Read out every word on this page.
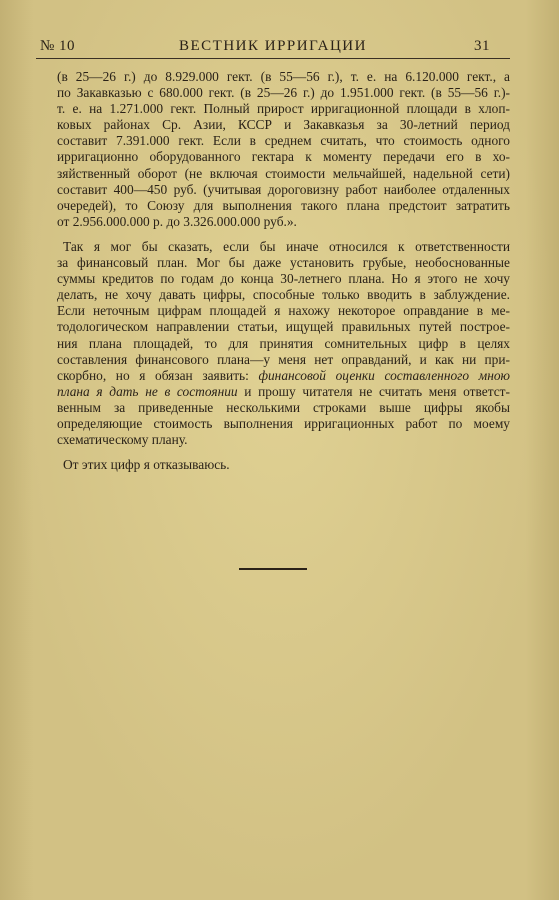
№ 10	ВЕСТНИК ИРРИГАЦИИ	31
(в 25—26 г.) до 8.929.000 гект. (в 55—56 г.), т. е. на 6.120.000 гект., а
по Закавказью с 680.000 гект. (в 25—26 г.) до 1.951.000 гект. (в 55—56 г.)-
т. е. на 1.271.000 гект. Полный прирост ирригационной площади в хлоп-
ковых районах Ср. Азии, КССР и Закавказья за 30-летний период
составит 7.391.000 гект. Если в среднем считать, что стоимость одного
ирригационно оборудованного гектара к моменту передачи его в хо-
зяйственный оборот (не включая стоимости мельчайшей, надельной сети)
составит 400—450 руб. (учитывая дороговизну работ наиболее отдаленных
очередей), то Союзу для выполнения такого плана предстоит затратить
от 2.956.000.000 р. до 3.326.000.000 руб.».
Так я мог бы сказать, если бы иначе относился к ответственности
за финансовый план. Мог бы даже установить грубые, необоснованные
суммы кредитов по годам до конца 30-летнего плана. Но я этого не хочу
делать, не хочу давать цифры, способные только вводить в заблуждение.
Если неточным цифрам площадей я нахожу некоторое оправдание в ме-
тодологическом направлении статьи, ищущей правильных путей построе-
ния плана площадей, то для принятия сомнительных цифр в целях
составления финансового плана—у меня нет оправданий, и как ни при-
скорбно, но я обязан заявить: финансовой оценки составленного мною
плана я дать не в состоянии и прошу читателя не считать меня ответст-
венным за приведенные несколькими строками выше цифры якобы
определяющие стоимость выполнения ирригационных работ по моему
схематическому плану.
От этих цифр я отказываюсь.
